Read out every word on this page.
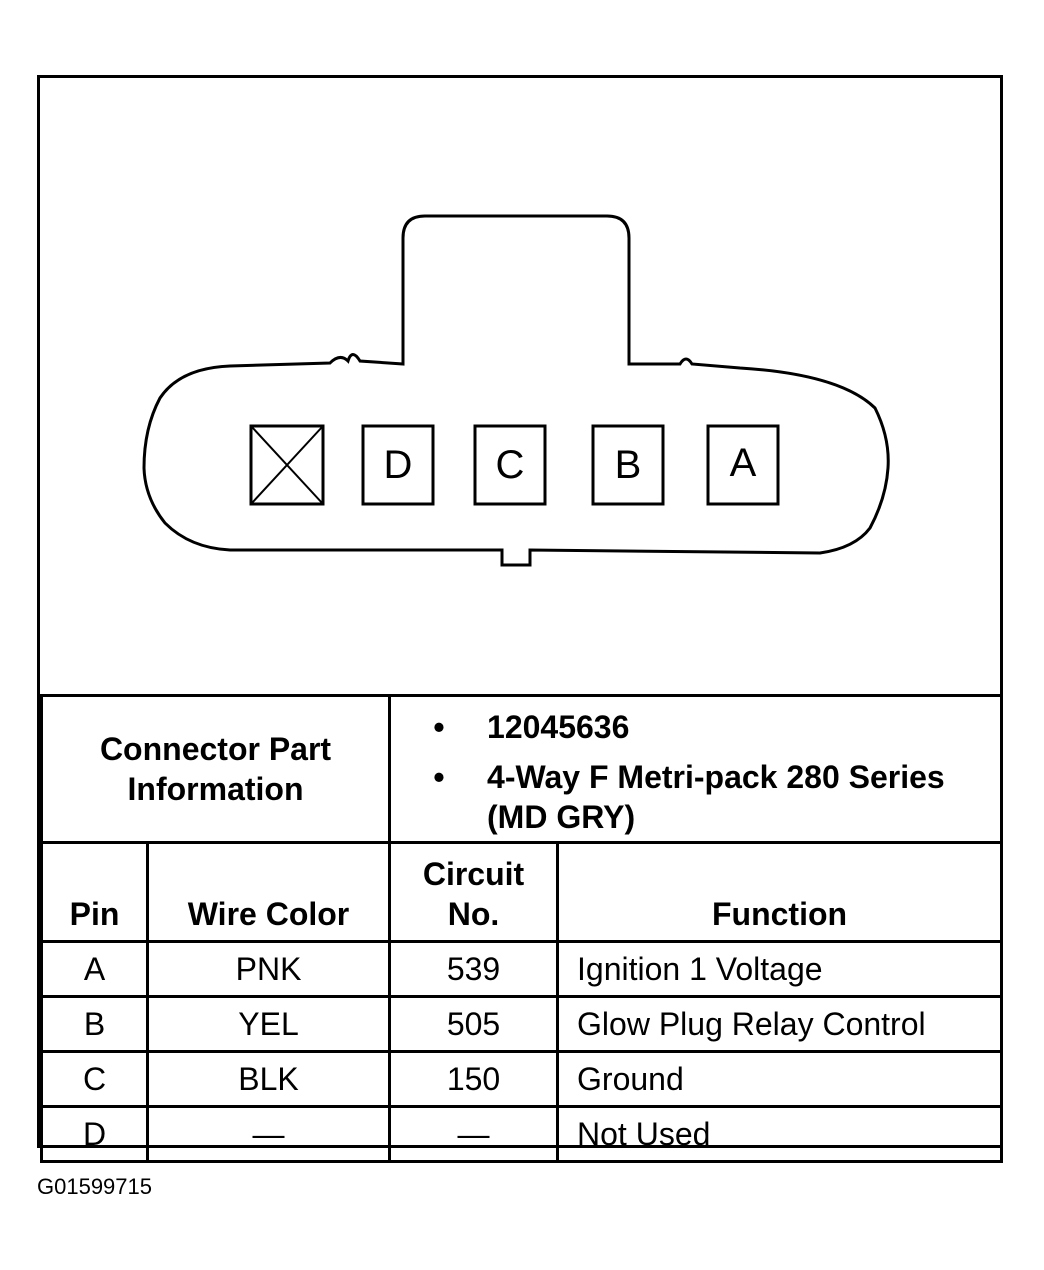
D	C	B	A
Connector Part Information		• 12045636
• 4-Way F Metri-pack 280 Series (MD GRY)	

Pin	Wire Color	Circuit No.	Function
A	PNK	539	Ignition 1 Voltage
B	YEL	505	Glow Plug Relay Control
C	BLK	150	Ground
D	—	—	Not Used
G01599715
